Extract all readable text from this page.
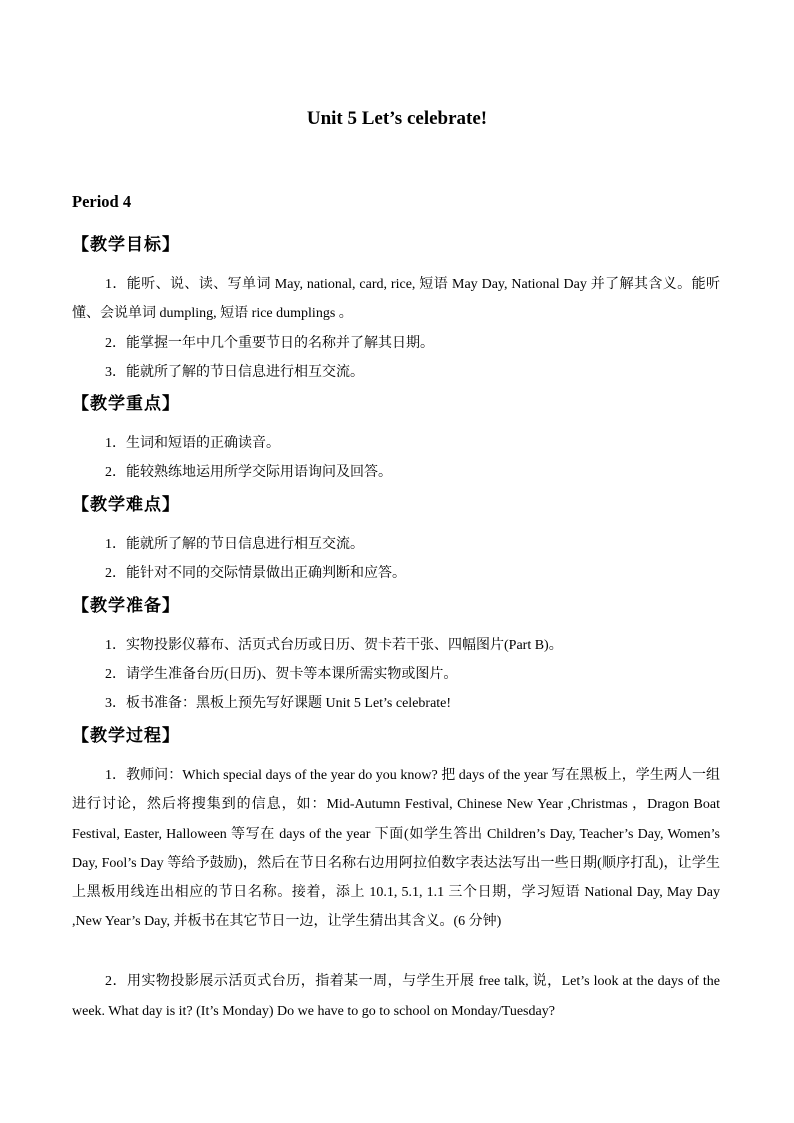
Unit 5 Let’s celebrate!
Period 4
【教学目标】
1．能听、说、读、写单词 May, national, card, rice, 短语 May Day, National Day 并了解其含义。能听懂、会说单词 dumpling, 短语 rice dumplings 。
2．能掌握一年中几个重要节日的名称并了解其日期。
3．能就所了解的节日信息进行相互交流。
【教学重点】
1．生词和短语的正确读音。
2．能较熟练地运用所学交际用语询问及回答。
【教学难点】
1．能就所了解的节日信息进行相互交流。
2．能针对不同的交际情景做出正确判断和应答。
【教学准备】
1．实物投影仪幕布、活页式台历或日历、贺卡若干张、四幅图片(Part B)。
2．请学生准备台历(日历)、贺卡等本课所需实物或图片。
3．板书准备：黑板上预先写好课题 Unit 5 Let’s celebrate!
【教学过程】
1．教师问：Which special days of the year do you know? 把 days of the year 写在黑板上，学生两人一组进行讨论，然后将搜集到的信息，如：Mid-Autumn Festival, Chinese New Year ,Christmas ，Dragon Boat Festival, Easter, Halloween 等写在 days of the year 下面(如学生答出 Children’s Day, Teacher’s Day, Women’s Day, Fool’s Day 等给予鼓励)，然后在节日名称右边用阿拉伯数字表达法写出一些日期(顺序打乱)，让学生上黑板用线连出相应的节日名称。接着，添上 10.1, 5.1, 1.1 三个日期，学习短语 National Day, May Day ,New Year’s Day, 并板书在其它节日一边，让学生猜出其含义。(6 分钟)
2．用实物投影展示活页式台历，指着某一周，与学生开展 free talk, 说，Let’s look at the days of the week. What day is it? (It’s Monday) Do we have to go to school on Monday/Tuesday?
